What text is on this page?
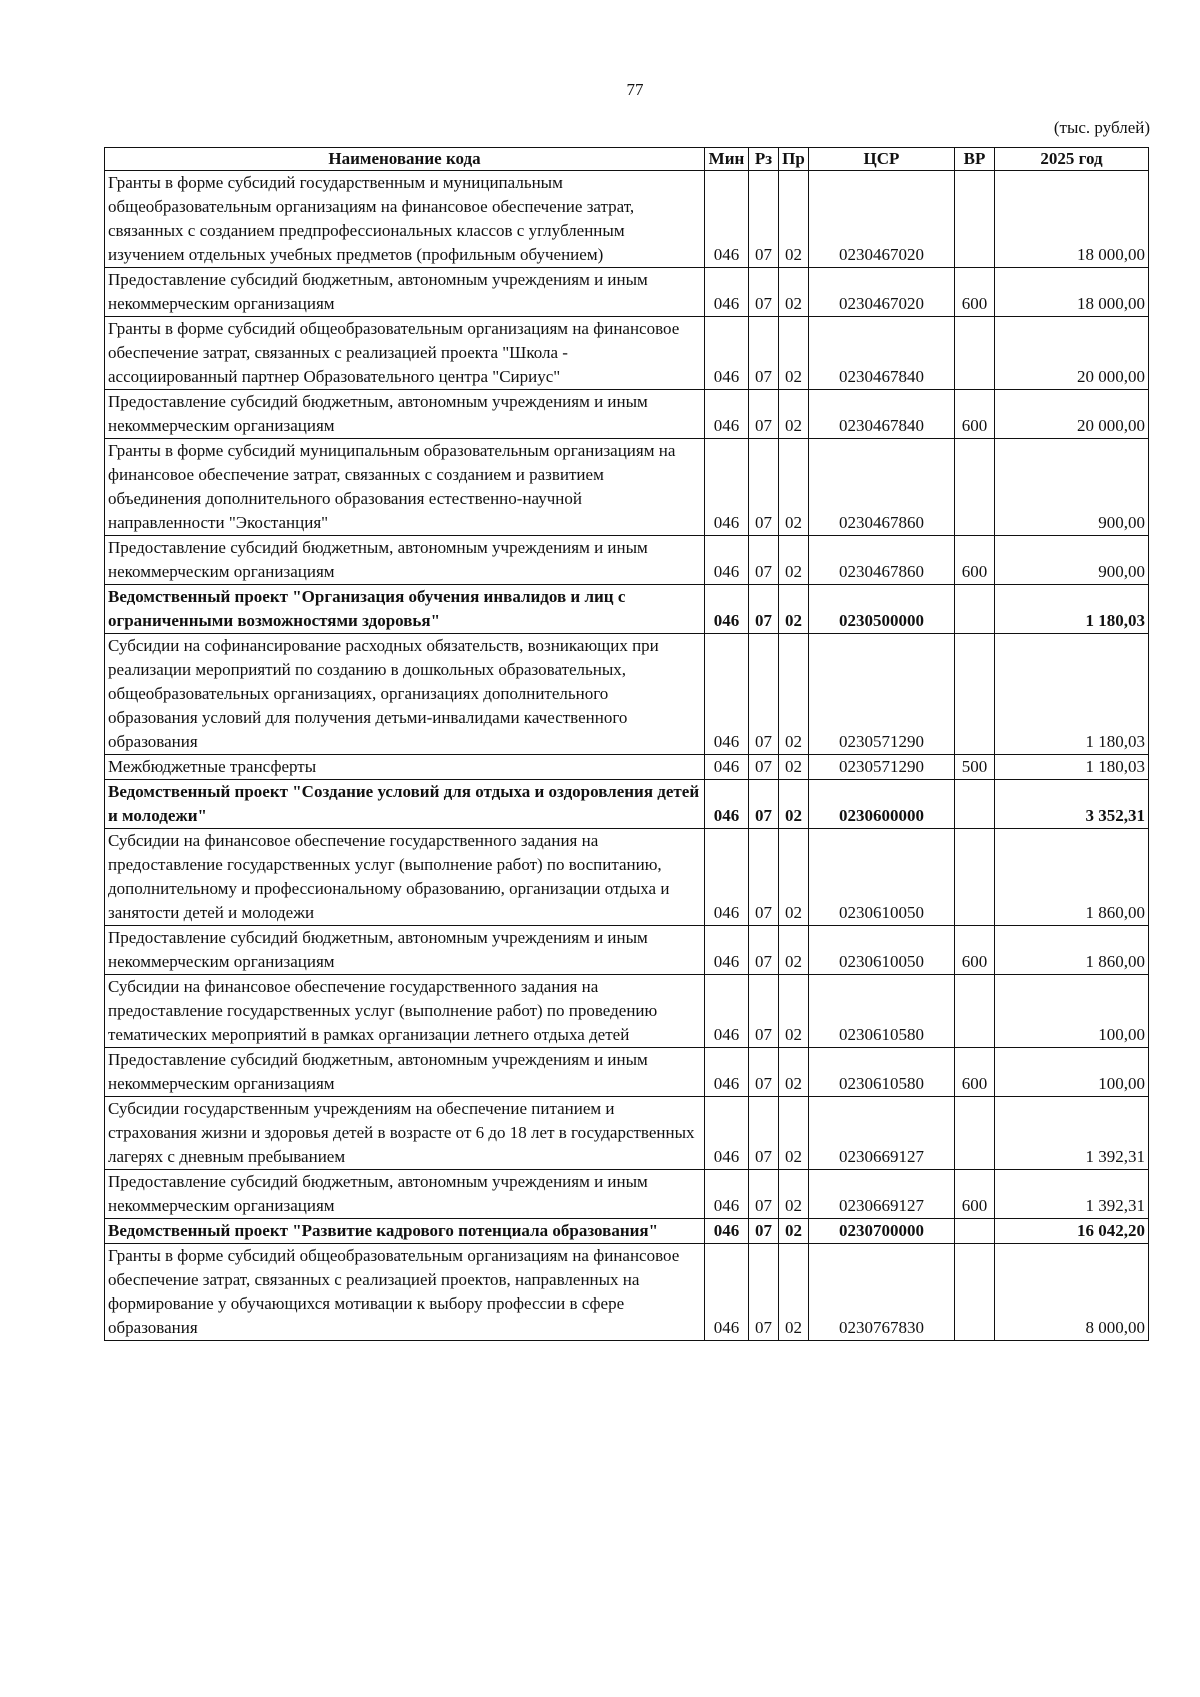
77
(тыс. рублей)
Наименование кода	Мин	Рз	Пр	ЦСР	ВР	2025 год
Гранты в форме субсидий государственным и муниципальным общеобразовательным организациям на финансовое обеспечение затрат, связанных с созданием предпрофессиональных классов с углубленным изучением отдельных учебных предметов (профильным обучением)	046	07	02	0230467020		18 000,00
Предоставление субсидий бюджетным, автономным учреждениям и иным некоммерческим организациям	046	07	02	0230467020	600	18 000,00
Гранты в форме субсидий общеобразовательным организациям на финансовое обеспечение затрат, связанных с реализацией проекта "Школа - ассоциированный партнер Образовательного центра "Сириус"	046	07	02	0230467840		20 000,00
Предоставление субсидий бюджетным, автономным учреждениям и иным некоммерческим организациям	046	07	02	0230467840	600	20 000,00
Гранты в форме субсидий муниципальным образовательным организациям на финансовое обеспечение затрат, связанных с созданием и развитием объединения дополнительного образования естественно-научной направленности "Экостанция"	046	07	02	0230467860		900,00
Предоставление субсидий бюджетным, автономным учреждениям и иным некоммерческим организациям	046	07	02	0230467860	600	900,00
Ведомственный проект "Организация обучения инвалидов и лиц с ограниченными возможностями здоровья"	046	07	02	0230500000		1 180,03
Субсидии на софинансирование расходных обязательств, возникающих при реализации мероприятий по созданию в дошкольных образовательных, общеобразовательных организациях, организациях дополнительного образования условий для получения детьми-инвалидами качественного образования	046	07	02	0230571290		1 180,03
Межбюджетные трансферты	046	07	02	0230571290	500	1 180,03
Ведомственный проект "Создание условий для отдыха и оздоровления детей и молодежи"	046	07	02	0230600000		3 352,31
Субсидии на финансовое обеспечение государственного задания на предоставление государственных услуг (выполнение работ) по воспитанию, дополнительному и профессиональному образованию, организации отдыха и занятости детей и молодежи	046	07	02	0230610050		1 860,00
Предоставление субсидий бюджетным, автономным учреждениям и иным некоммерческим организациям	046	07	02	0230610050	600	1 860,00
Субсидии на финансовое обеспечение государственного задания на предоставление государственных услуг (выполнение работ) по проведению тематических мероприятий в рамках организации летнего отдыха детей	046	07	02	0230610580		100,00
Предоставление субсидий бюджетным, автономным учреждениям и иным некоммерческим организациям	046	07	02	0230610580	600	100,00
Субсидии государственным учреждениям на обеспечение питанием и страхования жизни и здоровья детей в возрасте от 6 до 18 лет в государственных лагерях с дневным пребыванием	046	07	02	0230669127		1 392,31
Предоставление субсидий бюджетным, автономным учреждениям и иным некоммерческим организациям	046	07	02	0230669127	600	1 392,31
Ведомственный проект "Развитие кадрового потенциала образования"	046	07	02	0230700000		16 042,20
Гранты в форме субсидий общеобразовательным организациям на финансовое обеспечение затрат, связанных с реализацией проектов, направленных на формирование у обучающихся мотивации к выбору профессии в сфере образования	046	07	02	0230767830		8 000,00
